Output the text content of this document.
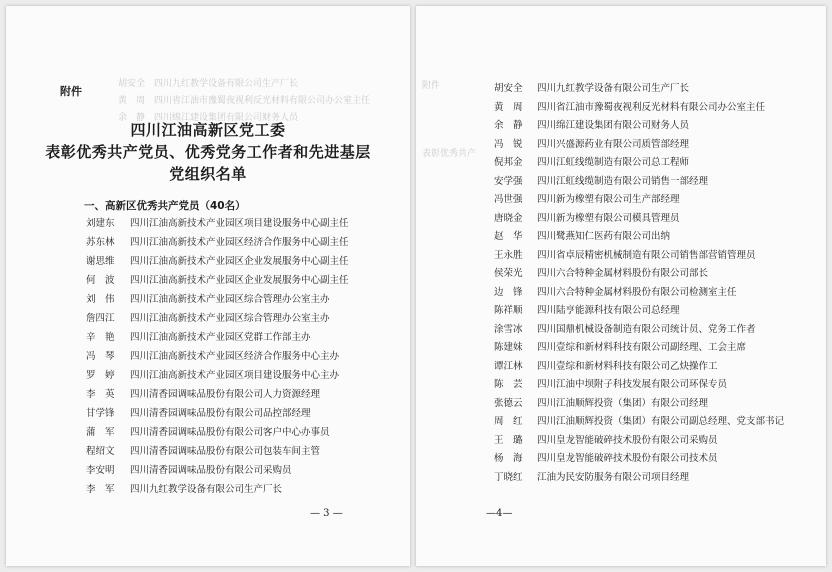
胡安全　四川九红教学设备有限公司生产厂长
黄　周　四川省江油市豫蜀夜视利反光材料有限公司办公室主任
余　静　四川绵江建设集团有限公司财务人员
附件
四川江油高新区党工委
表彰优秀共产党员、优秀党务工作者和先进基层
党组织名单
一、高新区优秀共产党员（40名）
刘建东	四川江油高新技术产业园区项目建设服务中心副主任
苏东林	四川江油高新技术产业园区经济合作服务中心副主任
谢思维	四川江油高新技术产业园区企业发展服务中心副主任
何　波	四川江油高新技术产业园区企业发展服务中心副主任
刘　伟	四川江油高新技术产业园区综合管理办公室主办
詹四江	四川江油高新技术产业园区综合管理办公室主办
辛　艳	四川江油高新技术产业园区党群工作部主办
冯　琴	四川江油高新技术产业园区经济合作服务中心主办
罗　婷	四川江油高新技术产业园区项目建设服务中心主办
李　英	四川清香园调味品股份有限公司人力资源经理
甘学锋	四川清香园调味品股份有限公司品控部经理
蒲　军	四川清香园调味品股份有限公司客户中心办事员
程绍文	四川清香园调味品股份有限公司包装车间主管
李安明	四川清香园调味品股份有限公司采购员
李　军	四川九红教学设备有限公司生产厂长
— 3 —
附件
表彰优秀共产
胡安全	四川九红教学设备有限公司生产厂长
黄　周	四川省江油市豫蜀夜视利反光材料有限公司办公室主任
余　静	四川绵江建设集团有限公司财务人员
冯　锐	四川兴盛源药业有限公司质管部经理
倪邦金	四川江虹线缆制造有限公司总工程师
安学强	四川江虹线缆制造有限公司销售一部经理
冯世强	四川新为橡塑有限公司生产部经理
唐晓金	四川新为橡塑有限公司模具管理员
赵　华	四川鹭燕知仁医药有限公司出纳
王永胜	四川省卓辰精密机械制造有限公司销售部营销管理员
侯荣光	四川六合特种金属材料股份有限公司部长
边　锋	四川六合特种金属材料股份有限公司检测室主任
陈祥顺	四川陆亨能源科技有限公司总经理
涂雪冰	四川国鼎机械设备制造有限公司统计员、党务工作者
陈建妹	四川壹综和新材料科技有限公司副经理、工会主席
谭江林	四川壹综和新材料科技有限公司乙炔操作工
陈　芸	四川江油中坝附子科技发展有限公司环保专员
张德云	四川江油顺辉投资（集团）有限公司经理
周　红	四川江油顺辉投资（集团）有限公司副总经理、党支部书记
王　璐	四川皇龙智能破碎技术股份有限公司采购员
杨　海	四川皇龙智能破碎技术股份有限公司技术员
丁晓红	江油为民安防服务有限公司项目经理
—4—
